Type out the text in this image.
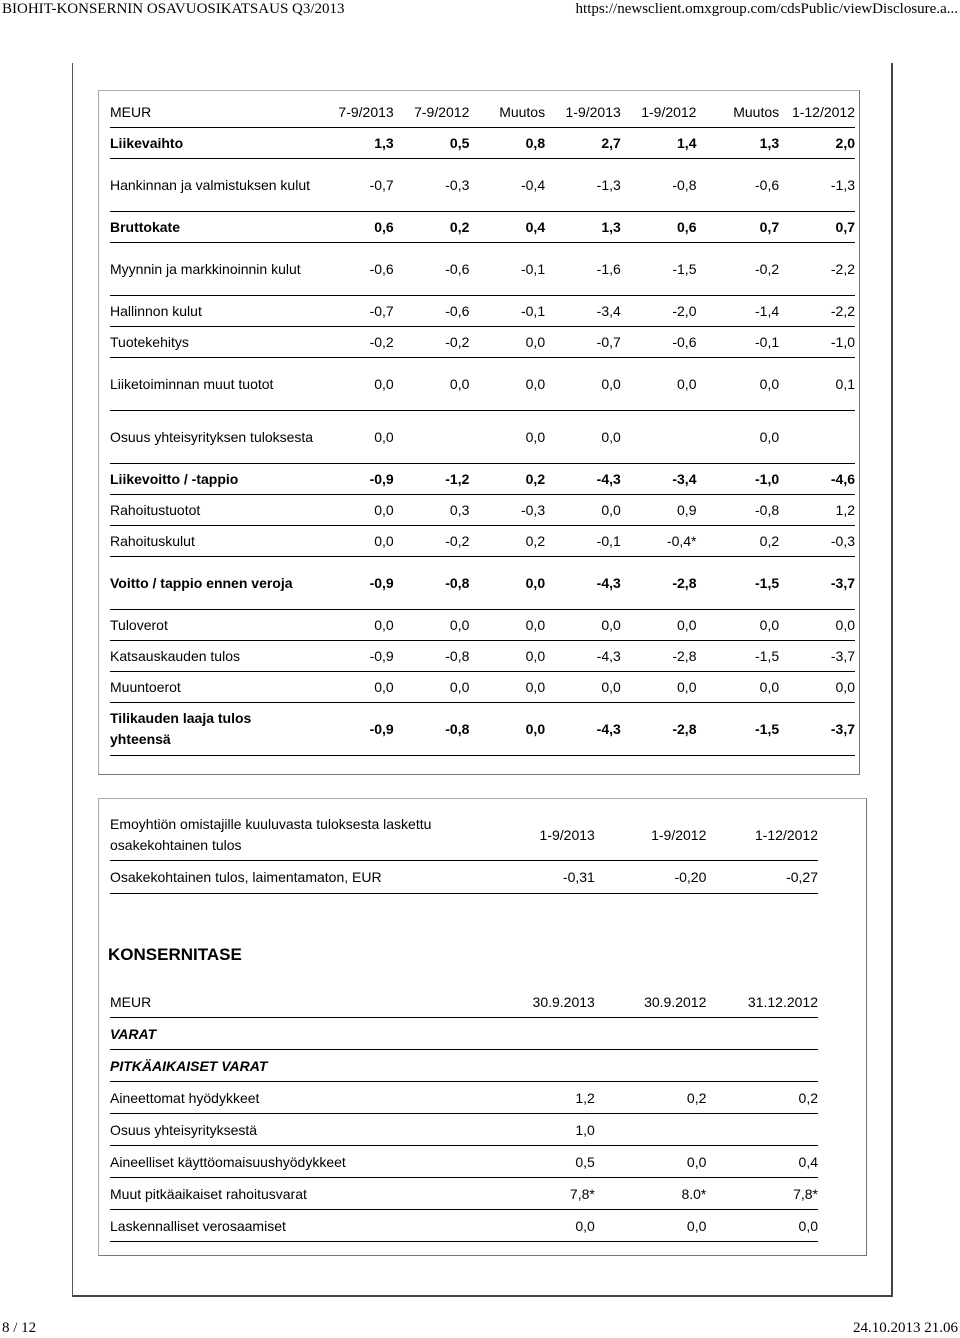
BIOHIT-KONSERNIN OSAVUOSIKATSAUS Q3/2013	https://newsclient.omxgroup.com/cdsPublic/viewDisclosure.a...
MEUR	7-9/2013	7-9/2012	Muutos	1-9/2013	1-9/2012	Muutos	1-12/2012
Liikevaihto	1,3	0,5	0,8	2,7	1,4	1,3	2,0
Hankinnan ja valmistuksen kulut	-0,7	-0,3	-0,4	-1,3	-0,8	-0,6	-1,3
Bruttokate	0,6	0,2	0,4	1,3	0,6	0,7	0,7
Myynnin ja markkinoinnin kulut	-0,6	-0,6	-0,1	-1,6	-1,5	-0,2	-2,2
Hallinnon kulut	-0,7	-0,6	-0,1	-3,4	-2,0	-1,4	-2,2
Tuotekehitys	-0,2	-0,2	0,0	-0,7	-0,6	-0,1	-1,0
Liiketoiminnan muut tuotot	0,0	0,0	0,0	0,0	0,0	0,0	0,1
Osuus yhteisyrityksen tuloksesta	0,0		0,0	0,0		0,0	
Liikevoitto / -tappio	-0,9	-1,2	0,2	-4,3	-3,4	-1,0	-4,6
Rahoitustuotot	0,0	0,3	-0,3	0,0	0,9	-0,8	1,2
Rahoituskulut	0,0	-0,2	0,2	-0,1	-0,4*	0,2	-0,3
Voitto / tappio ennen veroja	-0,9	-0,8	0,0	-4,3	-2,8	-1,5	-3,7
Tuloverot	0,0	0,0	0,0	0,0	0,0	0,0	0,0
Katsauskauden tulos	-0,9	-0,8	0,0	-4,3	-2,8	-1,5	-3,7
Muuntoerot	0,0	0,0	0,0	0,0	0,0	0,0	0,0
Tilikauden laaja tulos yhteensä	-0,9	-0,8	0,0	-4,3	-2,8	-1,5	-3,7
Emoyhtiön omistajille kuuluvasta tuloksesta laskettu osakekohtainen tulos	1-9/2013	1-9/2012	1-12/2012
Osakekohtainen tulos, laimentamaton, EUR	-0,31	-0,20	-0,27
KONSERNITASE
MEUR	30.9.2013	30.9.2012	31.12.2012
VARAT			
PITKÄAIKAISET VARAT			
Aineettomat hyödykkeet	1,2	0,2	0,2
Osuus yhteisyrityksestä	1,0		
Aineelliset käyttöomaisuushyödykkeet	0,5	0,0	0,4
Muut pitkäaikaiset rahoitusvarat	7,8*	8.0*	7,8*
Laskennalliset verosaamiset	0,0	0,0	0,0
8 / 12	24.10.2013 21.06
